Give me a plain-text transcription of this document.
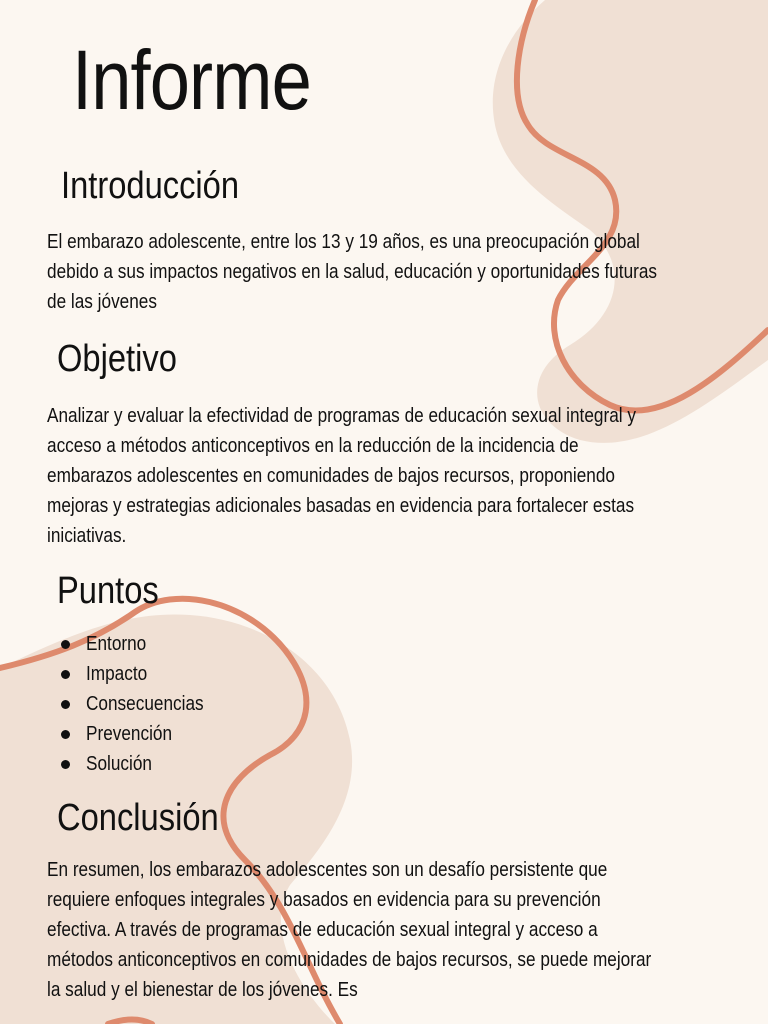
Informe
Introducción
El embarazo adolescente, entre los 13 y 19 años, es una preocupación global
debido a sus impactos negativos en la salud, educación y oportunidades futuras
de las jóvenes
Objetivo
Analizar y evaluar la efectividad de programas de educación sexual integral y
acceso a métodos anticonceptivos en la reducción de la incidencia de
embarazos adolescentes en comunidades de bajos recursos, proponiendo
mejoras y estrategias adicionales basadas en evidencia para fortalecer estas
iniciativas.
Puntos
Entorno
Impacto
Consecuencias
Prevención
Solución
Conclusión
En resumen, los embarazos adolescentes son un desafío persistente que
requiere enfoques integrales y basados en evidencia para su prevención
efectiva. A través de programas de educación sexual integral y acceso a
métodos anticonceptivos en comunidades de bajos recursos, se puede mejorar
la salud y el bienestar de los jóvenes. Es
